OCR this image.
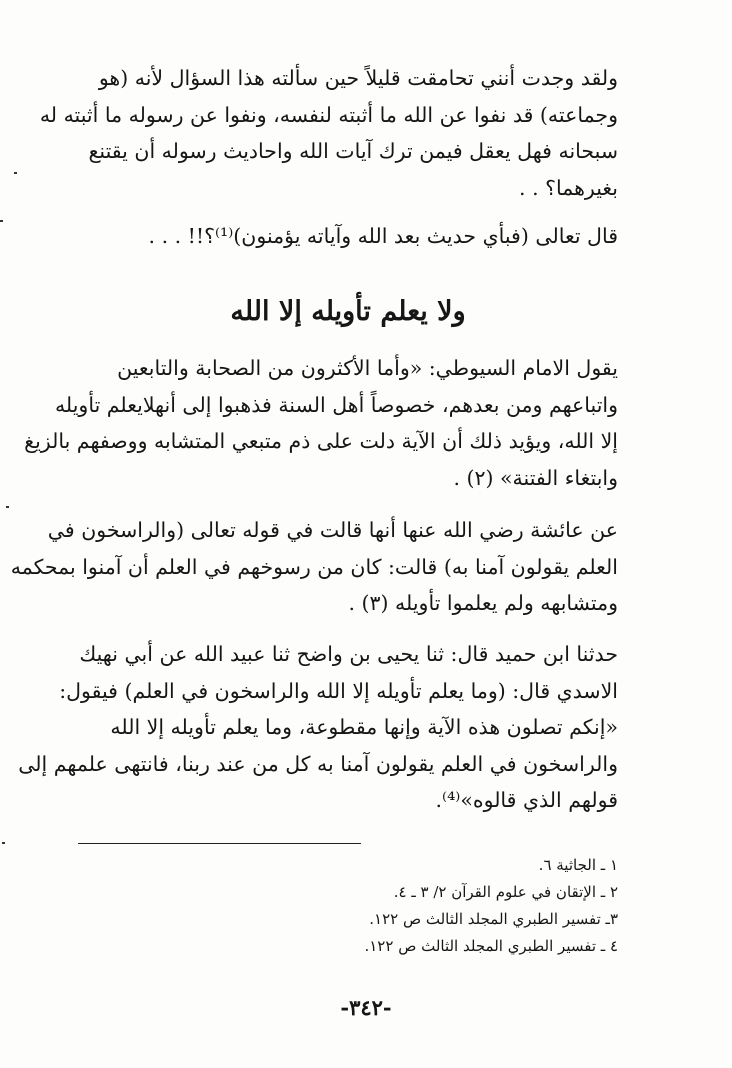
ولقد وجدت أنني تحامقت قليلاً حين سألته هذا السؤال لأنه (هو
وجماعته) قد نفوا عن الله ما أثبته لنفسه، ونفوا عن رسوله ما أثبته له
سبحانه فهل يعقل فيمن ترك آيات الله واحاديث رسوله أن يقتنع
بغيرهما؟ . .
قال تعالى (فبأي حديث بعد الله وآياته يؤمنون)⁽¹⁾؟!! . . .
ولا يعلم تأويله إلا الله
يقول الامام السيوطي: «وأما الأكثرون من الصحابة والتابعين
واتباعهم ومن بعدهم، خصوصاً أهل السنة فذهبوا إلى أنهلايعلم تأويله
إلا الله، ويؤيد ذلك أن الآية دلت على ذم متبعي المتشابه ووصفهم بالزيغ
وابتغاء الفتنة» (٢) .
عن عائشة رضي الله عنها أنها قالت في قوله تعالى (والراسخون في
العلم يقولون آمنا به) قالت: كان من رسوخهم في العلم أن آمنوا بمحكمه
ومتشابهه ولم يعلموا تأويله (٣) .
حدثنا ابن حميد قال: ثنا يحيى بن واضح ثنا عبيد الله عن أبي نهيك
الاسدي قال: (وما يعلم تأويله إلا الله والراسخون في العلم) فيقول:
«إنكم تصلون هذه الآية وإنها مقطوعة، وما يعلم تأويله إلا الله
والراسخون في العلم يقولون آمنا به كل من عند ربنا، فانتهى علمهم إلى
قولهم الذي قالوه»⁽⁴⁾.
١ ـ الجاثية ٦.
٢ ـ الإتقان في علوم القرآن ٢/ ٣ ـ ٤.
٣ـ تفسير الطبري المجلد الثالث ص ١٢٢.
٤ ـ تفسير الطبري المجلد الثالث ص ١٢٢.
-٣٤٢-
